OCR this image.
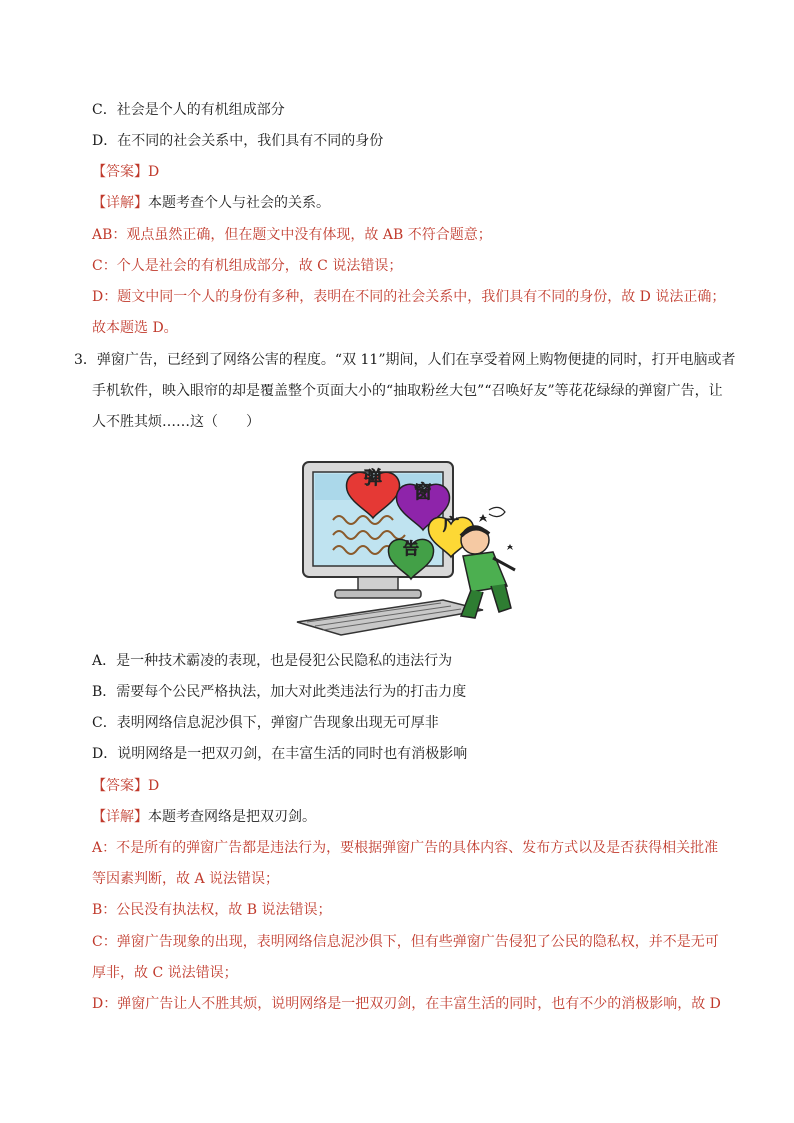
C．社会是个人的有机组成部分
D．在不同的社会关系中，我们具有不同的身份
【答案】D
【详解】本题考查个人与社会的关系。
AB：观点虽然正确，但在题文中没有体现，故 AB 不符合题意；
C：个人是社会的有机组成部分，故 C 说法错误；
D：题文中同一个人的身份有多种，表明在不同的社会关系中，我们具有不同的身份，故 D 说法正确；
故本题选 D。
3．弹窗广告，已经到了网络公害的程度。“双 11”期间，人们在享受着网上购物便捷的同时，打开电脑或者
手机软件，映入眼帘的却是覆盖整个页面大小的“抽取粉丝大包”“召唤好友”等花花绿绿的弹窗广告，让
人不胜其烦……这（　　）
弹
窗
广
告
A．是一种技术霸凌的表现，也是侵犯公民隐私的违法行为
B．需要每个公民严格执法，加大对此类违法行为的打击力度
C．表明网络信息泥沙俱下，弹窗广告现象出现无可厚非
D．说明网络是一把双刃剑，在丰富生活的同时也有消极影响
【答案】D
【详解】本题考查网络是把双刃剑。
A：不是所有的弹窗广告都是违法行为，要根据弹窗广告的具体内容、发布方式以及是否获得相关批准
等因素判断，故 A 说法错误；
B：公民没有执法权，故 B 说法错误；
C：弹窗广告现象的出现，表明网络信息泥沙俱下，但有些弹窗广告侵犯了公民的隐私权，并不是无可
厚非，故 C 说法错误；
D：弹窗广告让人不胜其烦，说明网络是一把双刃剑，在丰富生活的同时，也有不少的消极影响，故 D
